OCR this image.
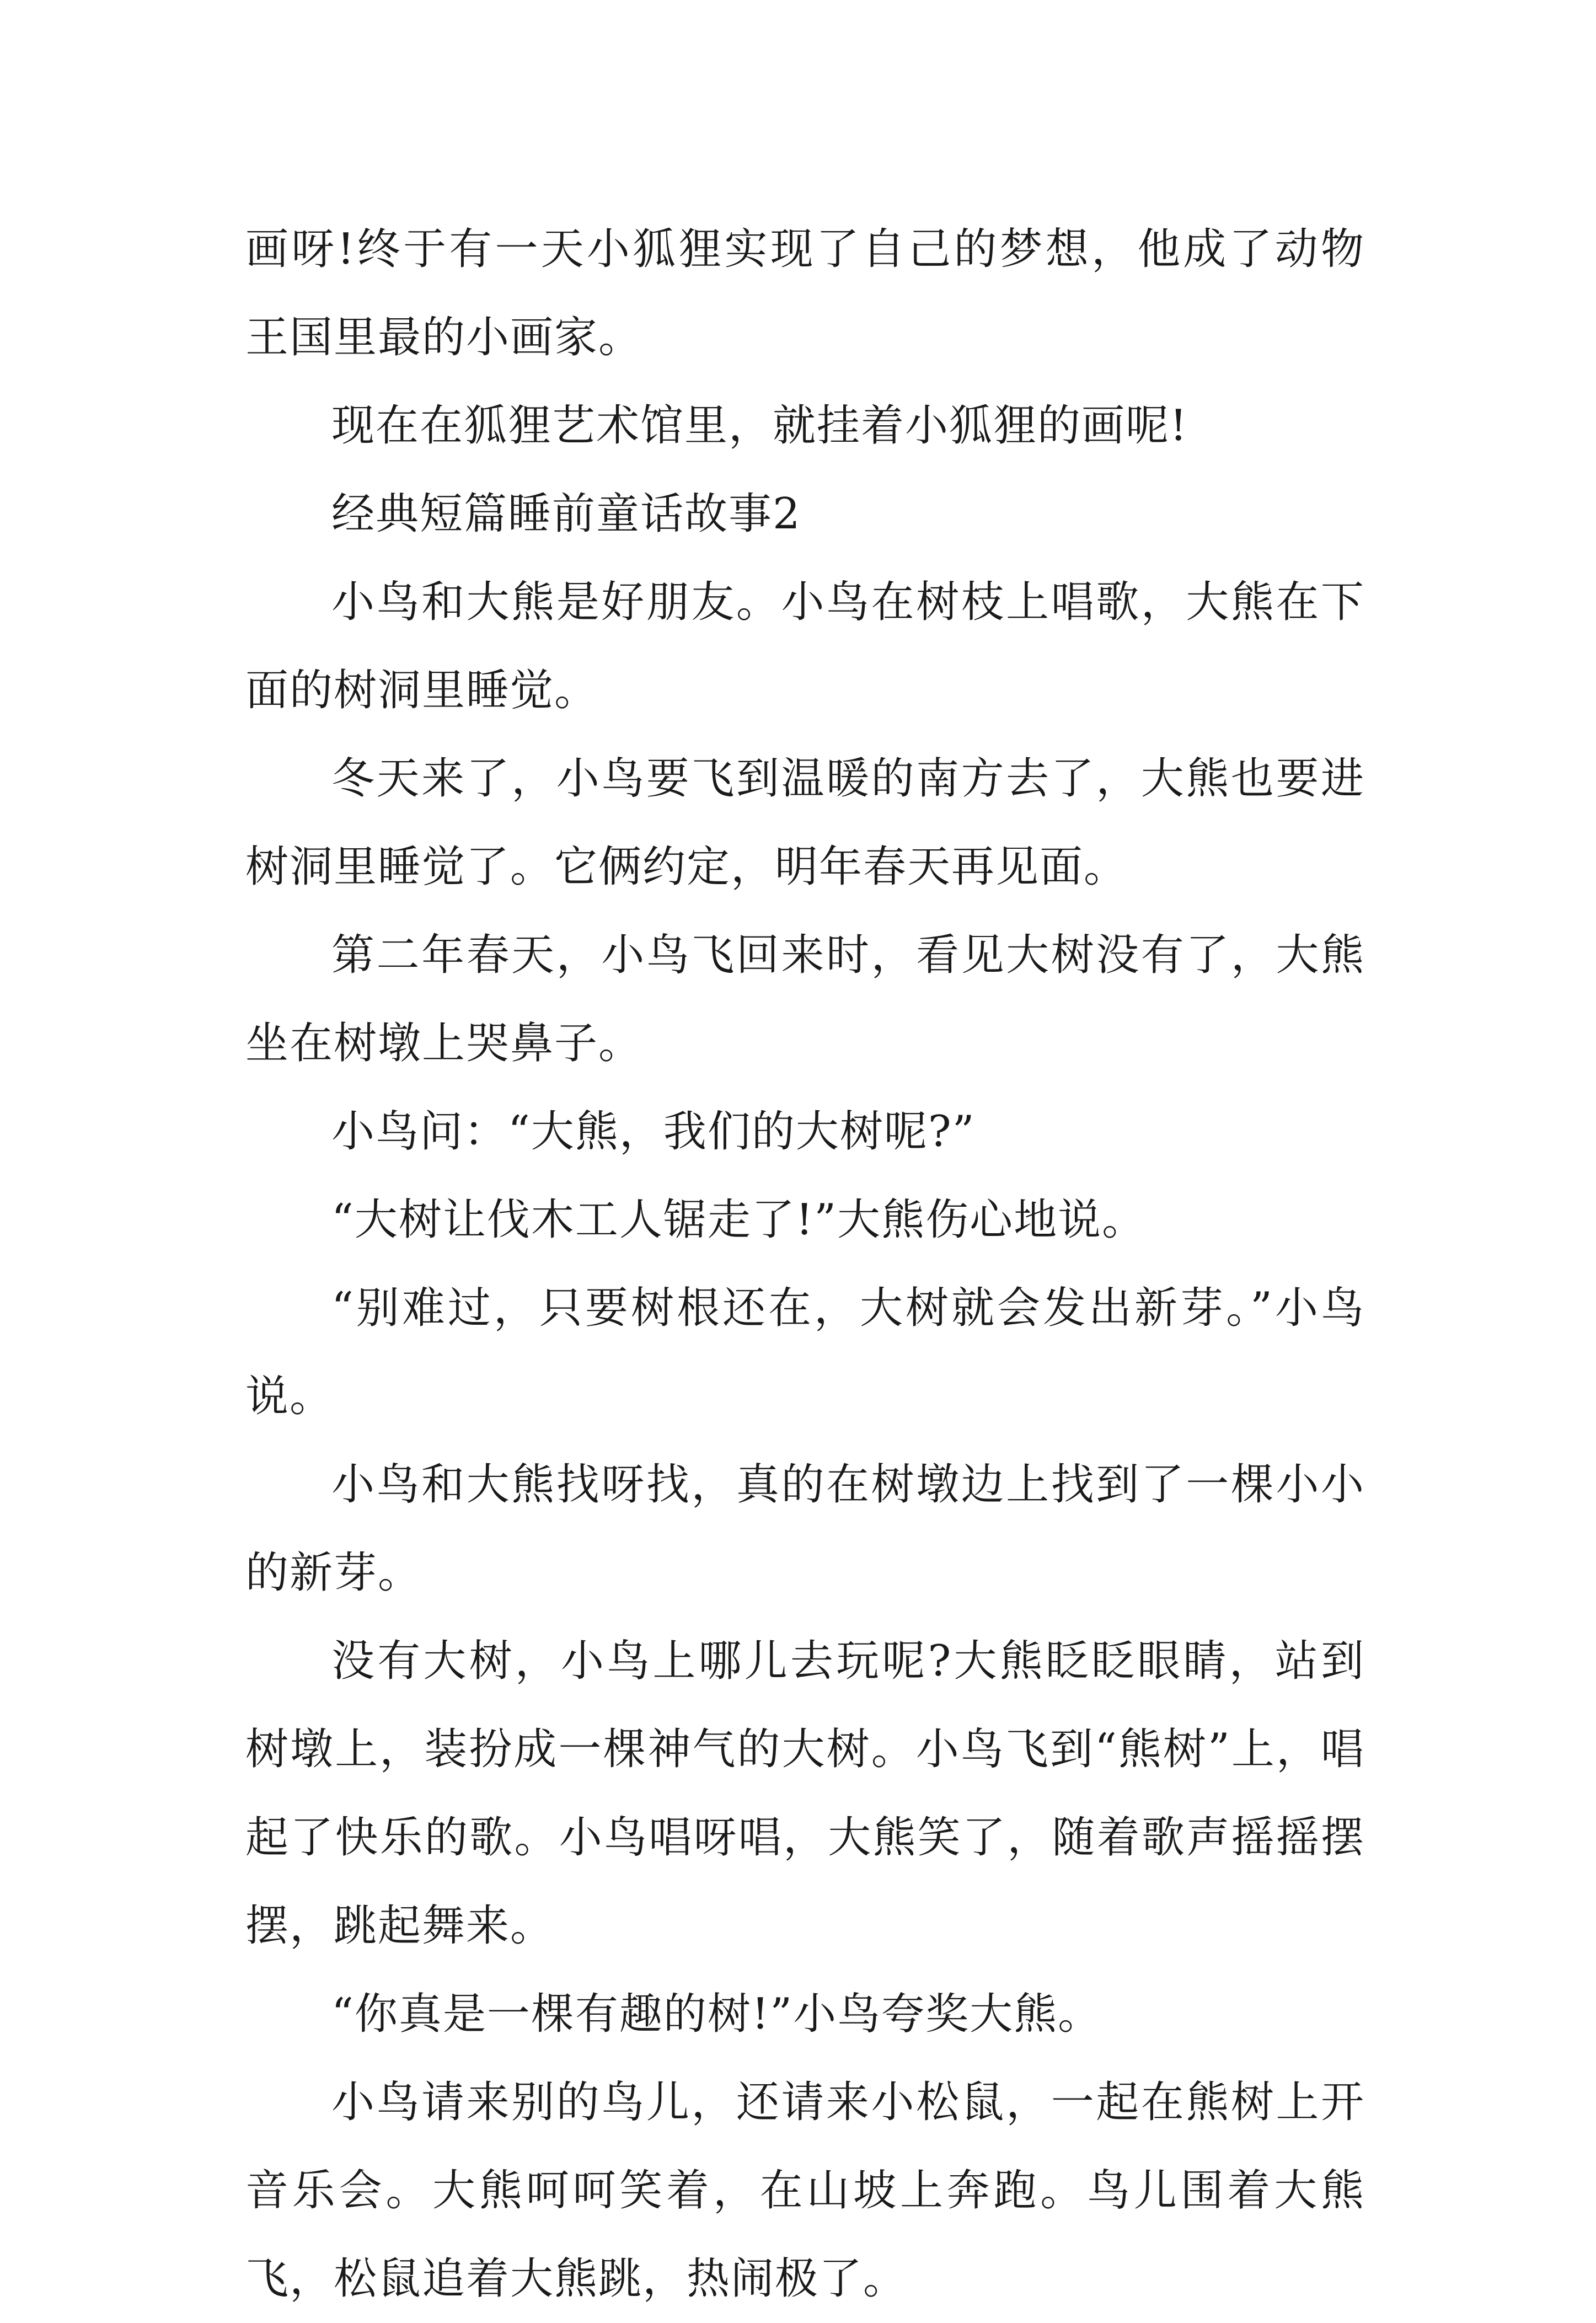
画呀!终于有一天小狐狸实现了自己的梦想，他成了动物王国里最的小画家。

现在在狐狸艺术馆里，就挂着小狐狸的画呢!

经典短篇睡前童话故事2

小鸟和大熊是好朋友。小鸟在树枝上唱歌，大熊在下面的树洞里睡觉。

冬天来了，小鸟要飞到温暖的南方去了，大熊也要进树洞里睡觉了。它俩约定，明年春天再见面。

第二年春天，小鸟飞回来时，看见大树没有了，大熊坐在树墩上哭鼻子。

小鸟问：“大熊，我们的大树呢?”

“大树让伐木工人锯走了!”大熊伤心地说。

“别难过，只要树根还在，大树就会发出新芽。”小鸟说。

小鸟和大熊找呀找，真的在树墩边上找到了一棵小小的新芽。

没有大树，小鸟上哪儿去玩呢?大熊眨眨眼睛，站到树墩上，装扮成一棵神气的大树。小鸟飞到“熊树”上，唱起了快乐的歌。小鸟唱呀唱，大熊笑了，随着歌声摇摇摆摆，跳起舞来。

“你真是一棵有趣的树!”小鸟夸奖大熊。

小鸟请来别的鸟儿，还请来小松鼠，一起在熊树上开音乐会。大熊呵呵笑着，在山坡上奔跑。鸟儿围着大熊飞，松鼠追着大熊跳，热闹极了。
